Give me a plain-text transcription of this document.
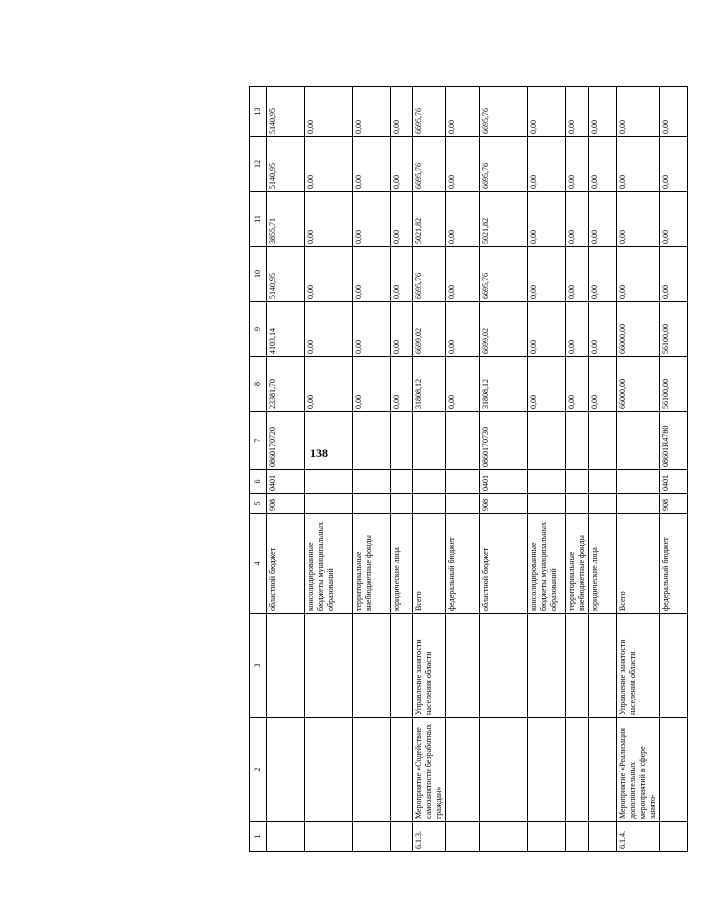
138
1	2	3	4	5	6	7	8	9	10	11	12	13
			областной бюджет	908	0401	0860170720	23381,70	4103,14	5140,95	3855,71	5140,95	5140,95
			консолидированные бюджеты муниципальных образований				0,00	0,00	0,00	0,00	0,00	0,00
			территориальные внебюджетные фонды				0,00	0,00	0,00	0,00	0,00	0,00
			юридические лица				0,00	0,00	0,00	0,00	0,00	0,00
6.1.3.	Мероприятие «Содействие самозанятости безработных граждан»	Управление занятости населения области	Всего				31808,12	6699,02	6695,76	5021,82	6695,76	6695,76
			федеральный бюджет				0,00	0,00	0,00	0,00	0,00	0,00
			областной бюджет	908	0401	0860170730	31808,12	6699,02	6695,76	5021,82	6695,76	6695,76
			консолидированные бюджеты муниципальных образований				0,00	0,00	0,00	0,00	0,00	0,00
			территориальные внебюджетные фонды				0,00	0,00	0,00	0,00	0,00	0,00
			юридические лица				0,00	0,00	0,00	0,00	0,00	0,00
6.1.4.	Мероприятие «Реализация дополнительных мероприятий в сфере занято-	Управление занятости населения области	Всего				66000,00	66000,00	0,00	0,00	0,00	0,00
			федеральный бюджет	908	0401	08601R4780	56100,00	56100,00	0,00	0,00	0,00	0,00
